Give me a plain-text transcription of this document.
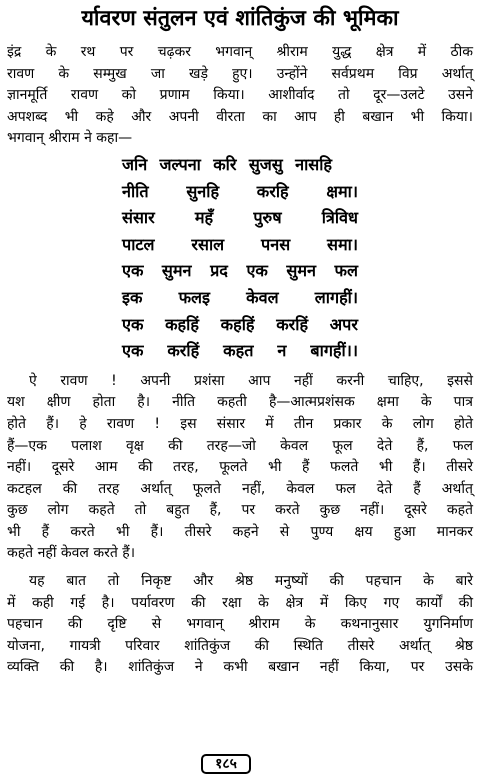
र्यावरण संतुलन एवं शांतिकुंज की भूमिका
इंद्र के रथ पर चढ़कर भगवान् श्रीराम युद्ध क्षेत्र में ठीक
रावण के सम्मुख जा खड़े हुए। उन्होंने सर्वप्रथम विप्र अर्थात्
ज्ञानमूर्ति रावण को प्रणाम किया। आशीर्वाद तो दूर—उलटे उसने
अपशब्द भी कहे और अपनी वीरता का आप ही बखान भी किया।
भगवान् श्रीराम ने कहा—
जनि जल्पना करि सुजसु नासहि
नीति सुनहि करहि क्षमा।
संसार महँ पुरुष त्रिविध
पाटल रसाल पनस समा।
एक सुमन प्रद एक सुमन फल
इक फलइ केवल लागहीं।
एक कहहिं कहहिं करहिं अपर
एक करहिं कहत न बागहीं।।
ऐ रावण ! अपनी प्रशंसा आप नहीं करनी चाहिए, इससे
यश क्षीण होता है। नीति कहती है—आत्मप्रशंसक क्षमा के पात्र
होते हैं। हे रावण ! इस संसार में तीन प्रकार के लोग होते
हैं—एक पलाश वृक्ष की तरह—जो केवल फूल देते हैं, फल
नहीं। दूसरे आम की तरह, फूलते भी हैं फलते भी हैं। तीसरे
कटहल की तरह अर्थात् फूलते नहीं, केवल फल देते हैं अर्थात्
कुछ लोग कहते तो बहुत हैं, पर करते कुछ नहीं। दूसरे कहते
भी हैं करते भी हैं। तीसरे कहने से पुण्य क्षय हुआ मानकर
कहते नहीं केवल करते हैं।
यह बात तो निकृष्ट और श्रेष्ठ मनुष्यों की पहचान के बारे
में कही गई है। पर्यावरण की रक्षा के क्षेत्र में किए गए कार्यों की
पहचान की दृष्टि से भगवान् श्रीराम के कथनानुसार युगनिर्माण
योजना, गायत्री परिवार शांतिकुंज की स्थिति तीसरे अर्थात् श्रेष्ठ
व्यक्ति की है। शांतिकुंज ने कभी बखान नहीं किया, पर उसके
१८५
